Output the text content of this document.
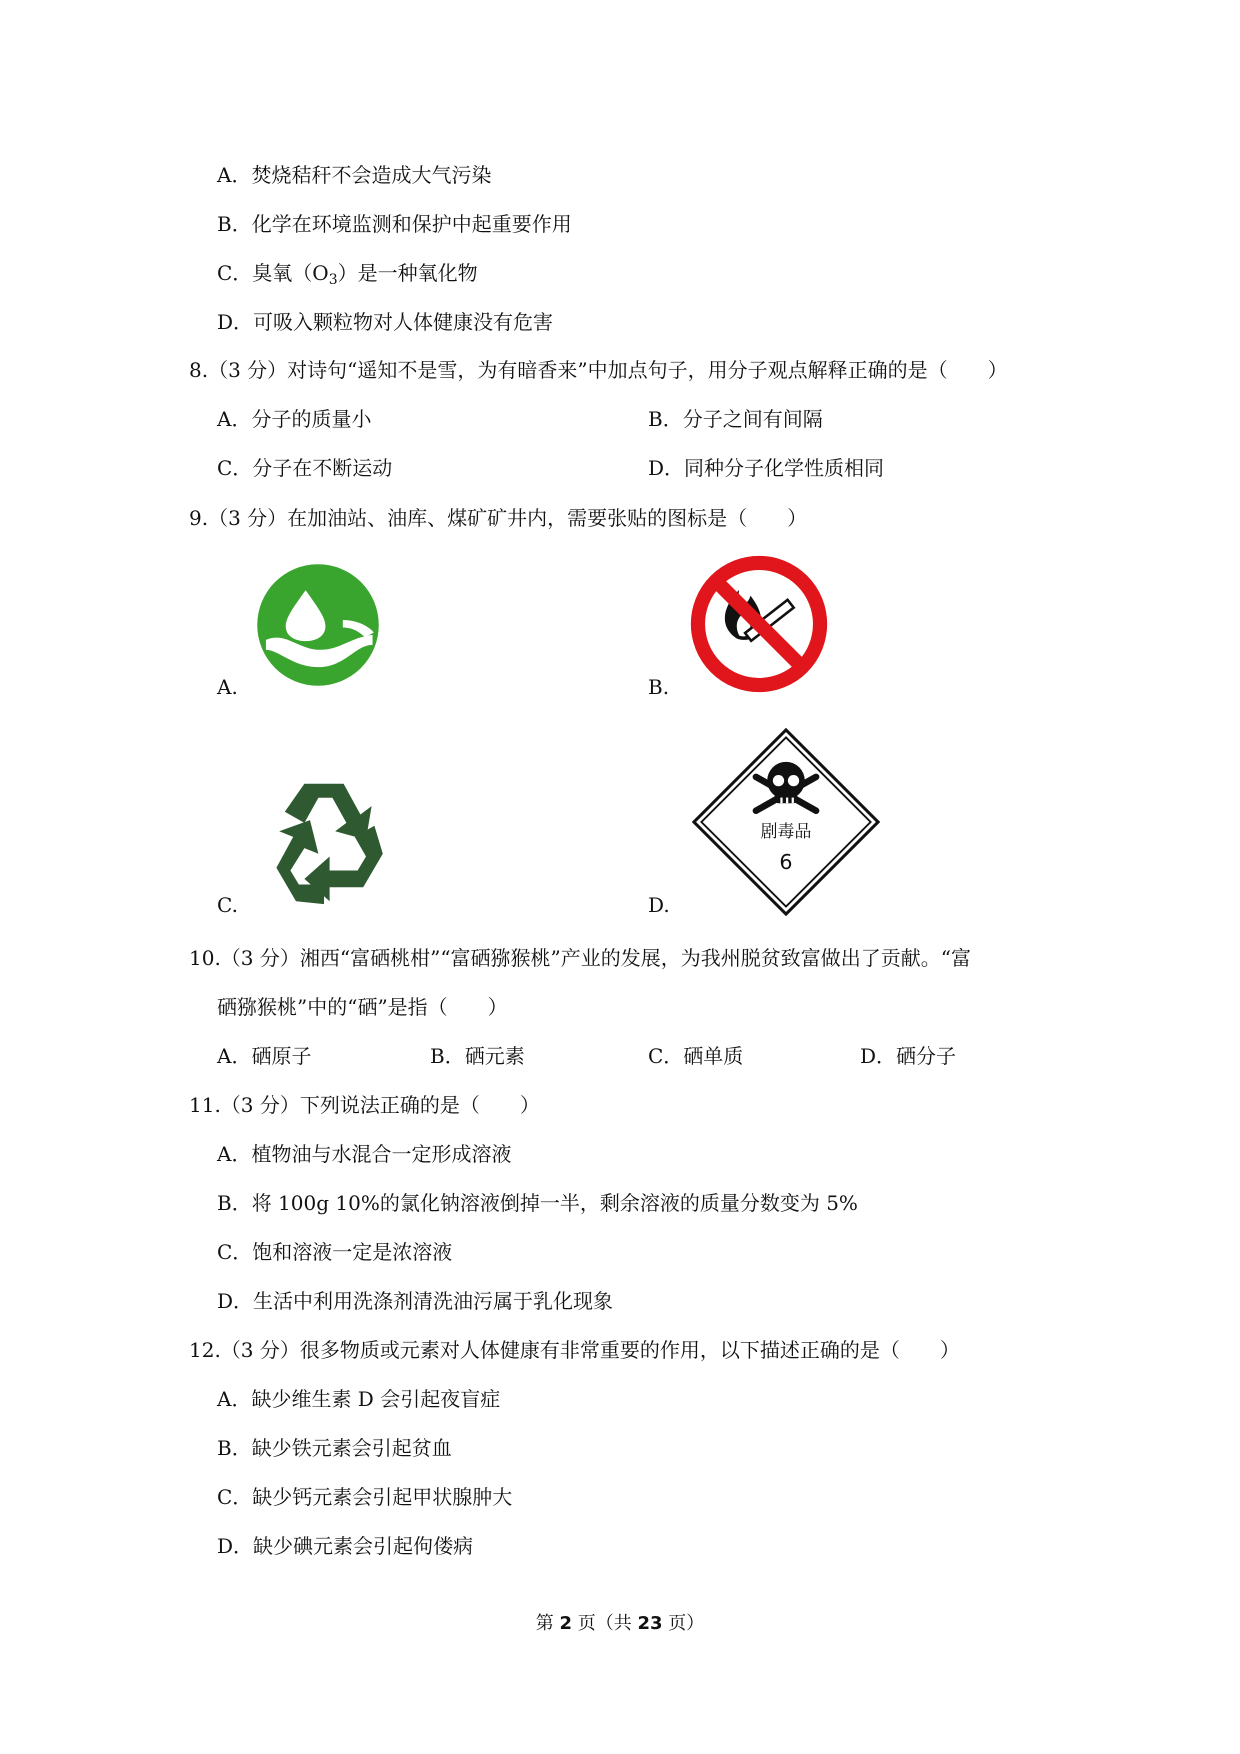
A．焚烧秸秆不会造成大气污染
B．化学在环境监测和保护中起重要作用
C．臭氧$(O_3)$是一种氧化物
D．可吸入颗粒物对人体健康没有危害
8.（3 分）对诗句“遥知不是雪，为有暗香来”中加点句子，用分子观点解释正确的是（　　）
A．分子的质量小	B．分子之间有间隔
C．分子在不断运动	D．同种分子化学性质相同
9.（3 分）在加油站、油库、煤矿矿井内，需要张贴的图标是（　　）
A.	B.
C.	D.
剧毒品
6
10.（3 分）湘西“富硒桃柑”“富硒猕猴桃”产业的发展，为我州脱贫致富做出了贡献。“富
硒猕猴桃”中的“硒”是指（　　）
A．硒原子	B．硒元素	C．硒单质	D．硒分子
11.（3 分）下列说法正确的是（　　）
A．植物油与水混合一定形成溶液
B．将 100g 10%的氯化钠溶液倒掉一半，剩余溶液的质量分数变为 5%
C．饱和溶液一定是浓溶液
D．生活中利用洗涤剂清洗油污属于乳化现象
12.（3 分）很多物质或元素对人体健康有非常重要的作用，以下描述正确的是（　　）
A．缺少维生素 D 会引起夜盲症
B．缺少铁元素会引起贫血
C．缺少钙元素会引起甲状腺肿大
D．缺少碘元素会引起佝偻病
第 2 页（共 23 页）
